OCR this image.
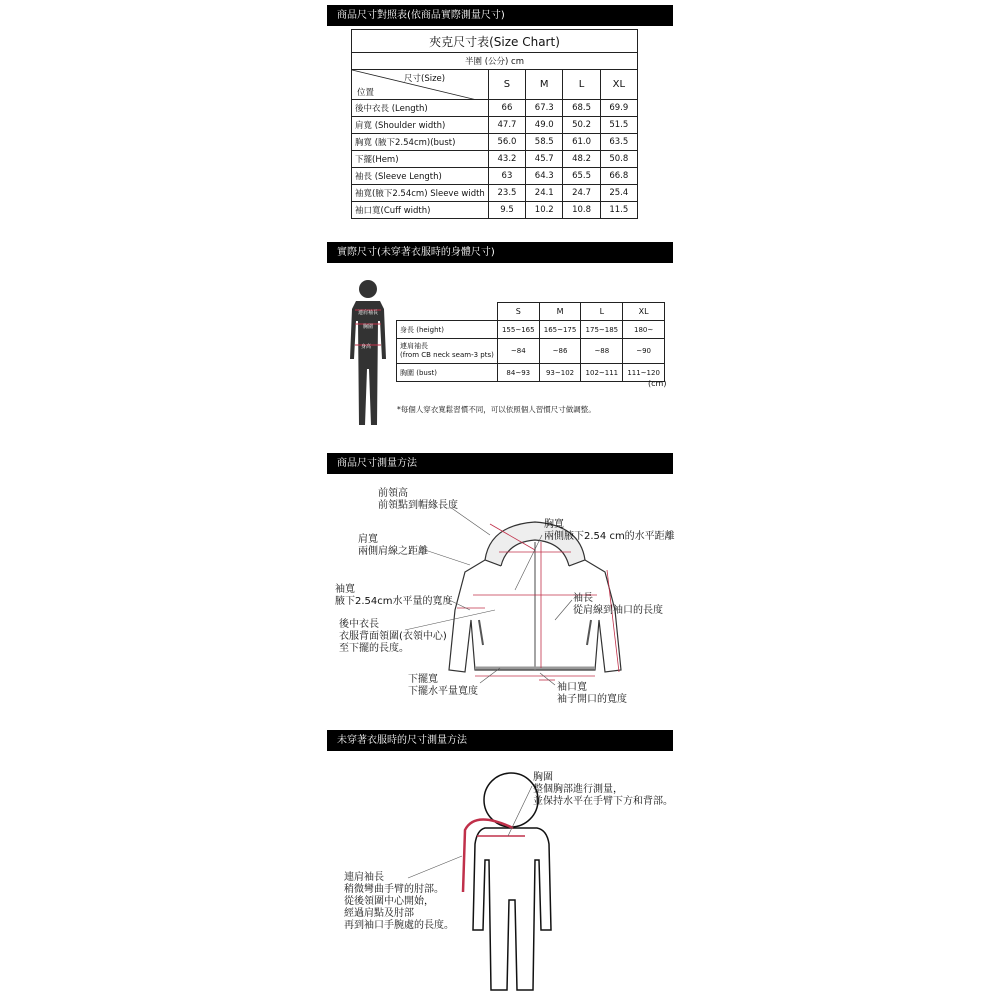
商品尺寸對照表(依商品實際測量尺寸)
實際尺寸(未穿著衣服時的身體尺寸)
商品尺寸測量方法
未穿著衣服時的尺寸測量方法
夾克尺寸表(Size Chart)				
半圍 (公分) cm				

尺寸(Size)
位置	S	M	L	XL
後中衣長 (Length)	66	67.3	68.5	69.9
肩寬 (Shoulder width)	47.7	49.0	50.2	51.5
胸寬 (腋下2.54cm)(bust)	56.0	58.5	61.0	63.5
下擺(Hem)	43.2	45.7	48.2	50.8
袖長 (Sleeve Length)	63	64.3	65.5	66.8
袖寬(腋下2.54cm) Sleeve width	23.5	24.1	24.7	25.4
袖口寬(Cuff width)	9.5	10.2	10.8	11.5
連肩袖長
胸圍
身高
	S	M	L	XL
身長 (height)	155~165	165~175	175~185	180~

連肩袖長
(from CB neck seam-3 pts)	~84	~86	~88	~90
胸圍 (bust)	84~93	93~102	102~111	111~120
(cm)
*每個人穿衣寬鬆習慣不同，可以依照個人習慣尺寸做調整。
前領高
前領點到帽緣長度
肩寬
兩側肩線之距離
胸寬
兩側腋下2.54 cm的水平距離
袖寬
腋下2.54cm水平量的寬度	袖長
從肩線到袖口的長度
後中衣長
衣服背面領圍(衣領中心)
至下擺的長度。
下擺寬
下擺水平量寬度	袖口寬
袖子開口的寬度
胸圍
整個胸部進行測量，
並保持水平在手臂下方和背部。
連肩袖長
稍微彎曲手臂的肘部。
從後領圍中心開始，
經過肩點及肘部
再到袖口手腕處的長度。
